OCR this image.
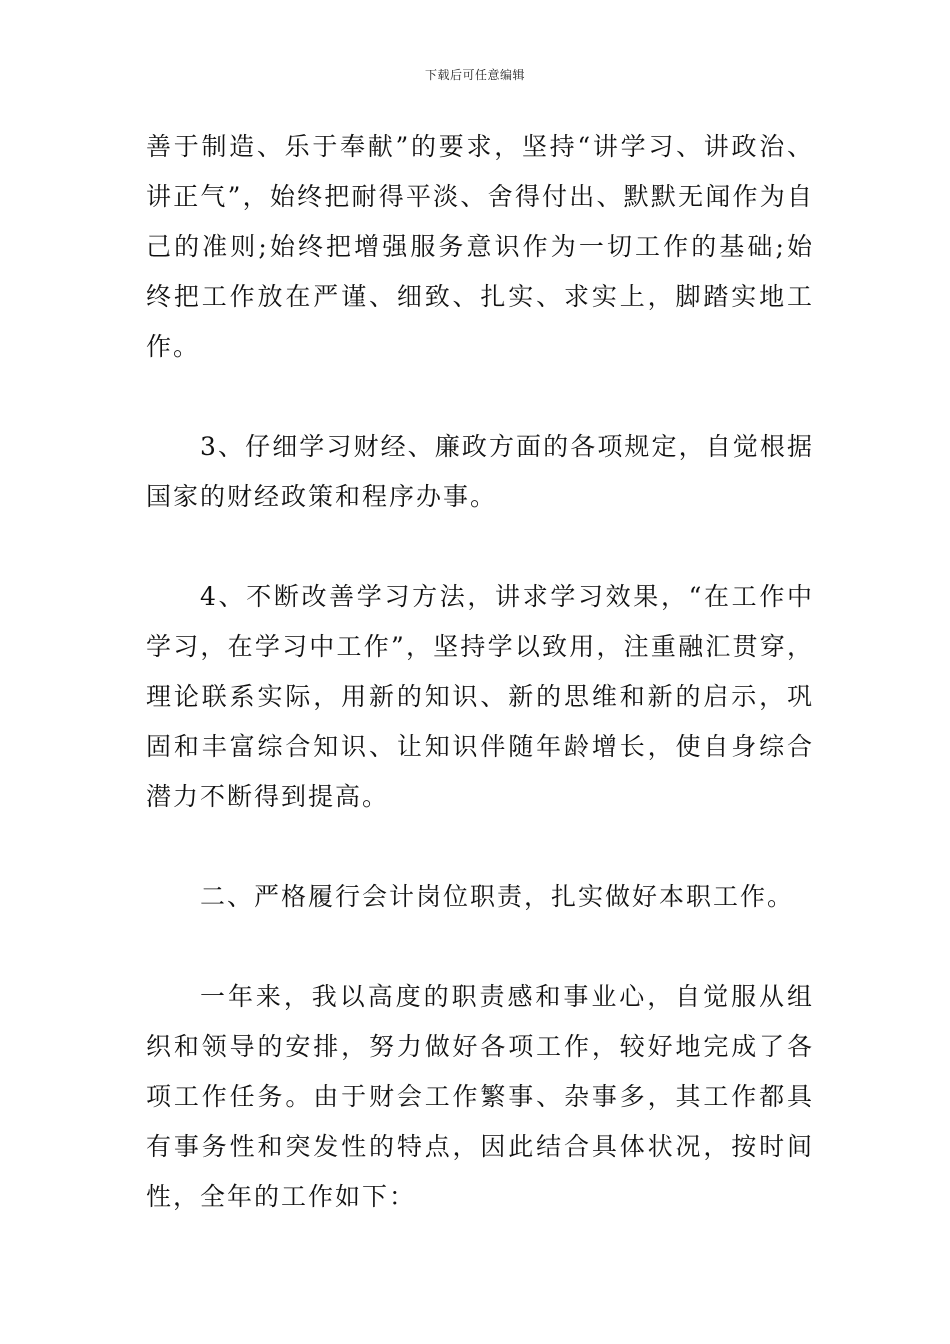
下载后可任意编辑

善于制造、乐于奉献”的要求，坚持“讲学习、讲政治、讲正气”，始终把耐得平淡、舍得付出、默默无闻作为自己的准则;始终把增强服务意识作为一切工作的基础;始终把工作放在严谨、细致、扎实、求实上，脚踏实地工作。

3、仔细学习财经、廉政方面的各项规定，自觉根据国家的财经政策和程序办事。

4、不断改善学习方法，讲求学习效果，“在工作中学习，在学习中工作”，坚持学以致用，注重融汇贯穿，理论联系实际，用新的知识、新的思维和新的启示，巩固和丰富综合知识、让知识伴随年龄增长，使自身综合潜力不断得到提高。

二、严格履行会计岗位职责，扎实做好本职工作。

一年来，我以高度的职责感和事业心，自觉服从组织和领导的安排，努力做好各项工作，较好地完成了各项工作任务。由于财会工作繁事、杂事多，其工作都具有事务性和突发性的特点，因此结合具体状况，按时间性，全年的工作如下：
